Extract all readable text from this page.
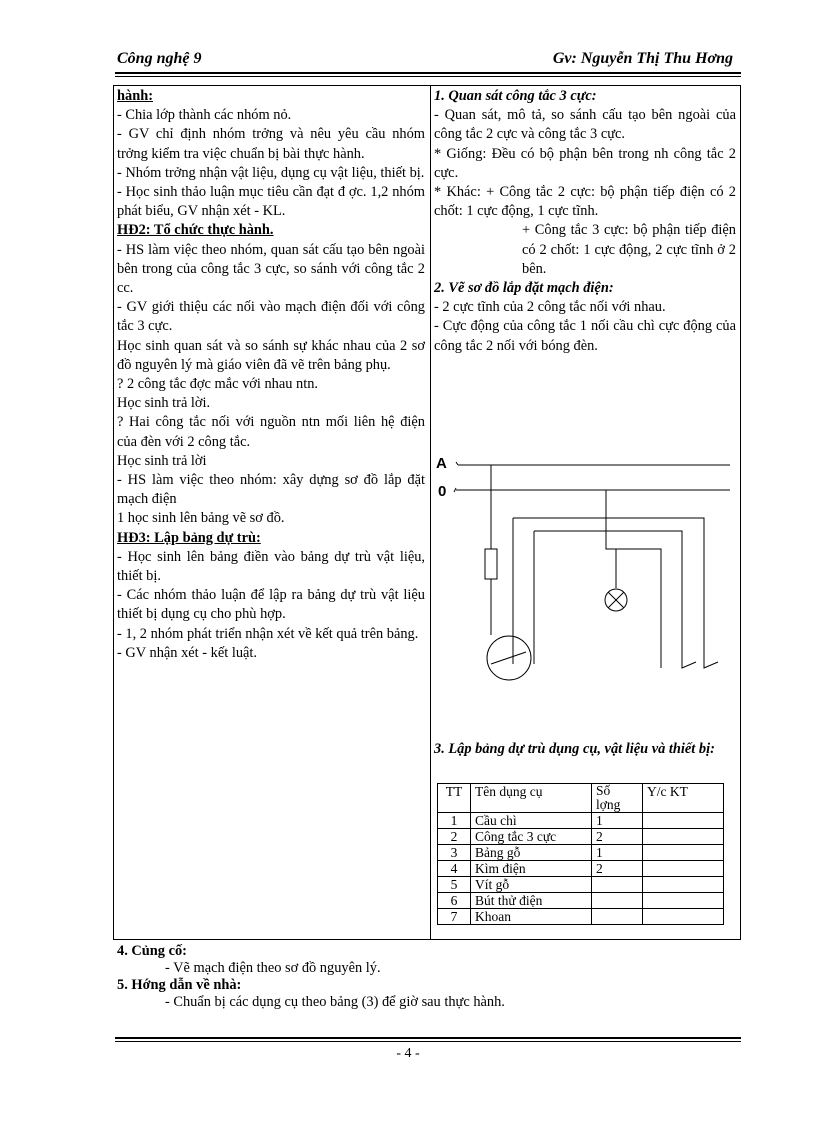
Công nghệ 9	Gv: Nguyễn Thị Thu Hơng

hành:

- Chia lớp thành các nhóm nỏ.

- GV chỉ định nhóm trởng và nêu yêu cầu nhóm trởng kiểm tra việc chuẩn bị bài thực hành.

- Nhóm trởng nhận vật liệu, dụng cụ vật liệu, thiết bị.

- Học sinh thảo luận mục tiêu cần đạt đ ợc. 1,2 nhóm phát biểu, GV nhận xét - KL.

HĐ2: Tổ chức thực hành.

- HS làm việc theo nhóm, quan sát cấu tạo bên ngoài bên trong của công tắc 3 cực, so sánh với công tắc 2 cc.

- GV giới thiệu các nối vào mạch điện đối với công tắc 3 cực.

Học sinh quan sát và so sánh sự khác nhau của 2 sơ đồ nguyên lý mà giáo viên đã vẽ trên bảng phụ.

? 2 công tắc đợc mắc với nhau ntn.

Học sinh trả lời.

? Hai công tắc nối với nguồn ntn mối liên hệ điện của đèn với 2 công tắc.

Học sinh trả lời

- HS làm việc theo nhóm: xây dựng sơ đồ lắp đặt mạch điện

1 học sinh lên bảng vẽ sơ đồ.

HĐ3: Lập bảng dự trù:

- Học sinh lên bảng điền vào bảng dự trù vật liệu, thiết bị.

- Các nhóm thảo luận để lập ra bảng dự trù vật liệu thiết bị dụng cụ cho phù hợp.

- 1, 2 nhóm phát triển nhận xét về kết quả trên bảng.

- GV nhận xét - kết luật.

1. Quan sát công tắc 3 cực:

- Quan sát, mô tả, so sánh cấu tạo bên ngoài của công tắc 2 cực và công tắc 3 cực.

* Giống: Đều có bộ phận bên trong nh công tắc 2 cực.

* Khác: + Công tắc 2 cực: bộ phận tiếp điện có 2 chốt: 1 cực động, 1 cực tĩnh.

+ Công tắc 3 cực: bộ phận tiếp điện có 2 chốt: 1 cực động, 2 cực tĩnh ở 2 bên.

2. Vẽ sơ đồ lắp đặt mạch điện:

- 2 cực tĩnh của 2 công tắc nối với nhau.

- Cực động của công tắc 1 nối cầu chì cực động của công tắc 2 nối với bóng đèn.

A
0

3. Lập bảng dự trù dụng cụ, vật liệu và thiết bị:

TT	Tên dụng cụ	Số lợng	Y/c KT
1	Cầu chì	1	
2	Công tắc 3 cực	2	
3	Bảng gỗ	1	
4	Kìm điện	2	
5	Vít gỗ		
6	Bút thử điện		
7	Khoan		
4. Củng cố:
- Vẽ mạch điện theo sơ đồ nguyên lý.
5. Hớng dẫn về nhà:
- Chuẩn bị các dụng cụ theo bảng (3) để giờ sau thực hành.
- 4 -
